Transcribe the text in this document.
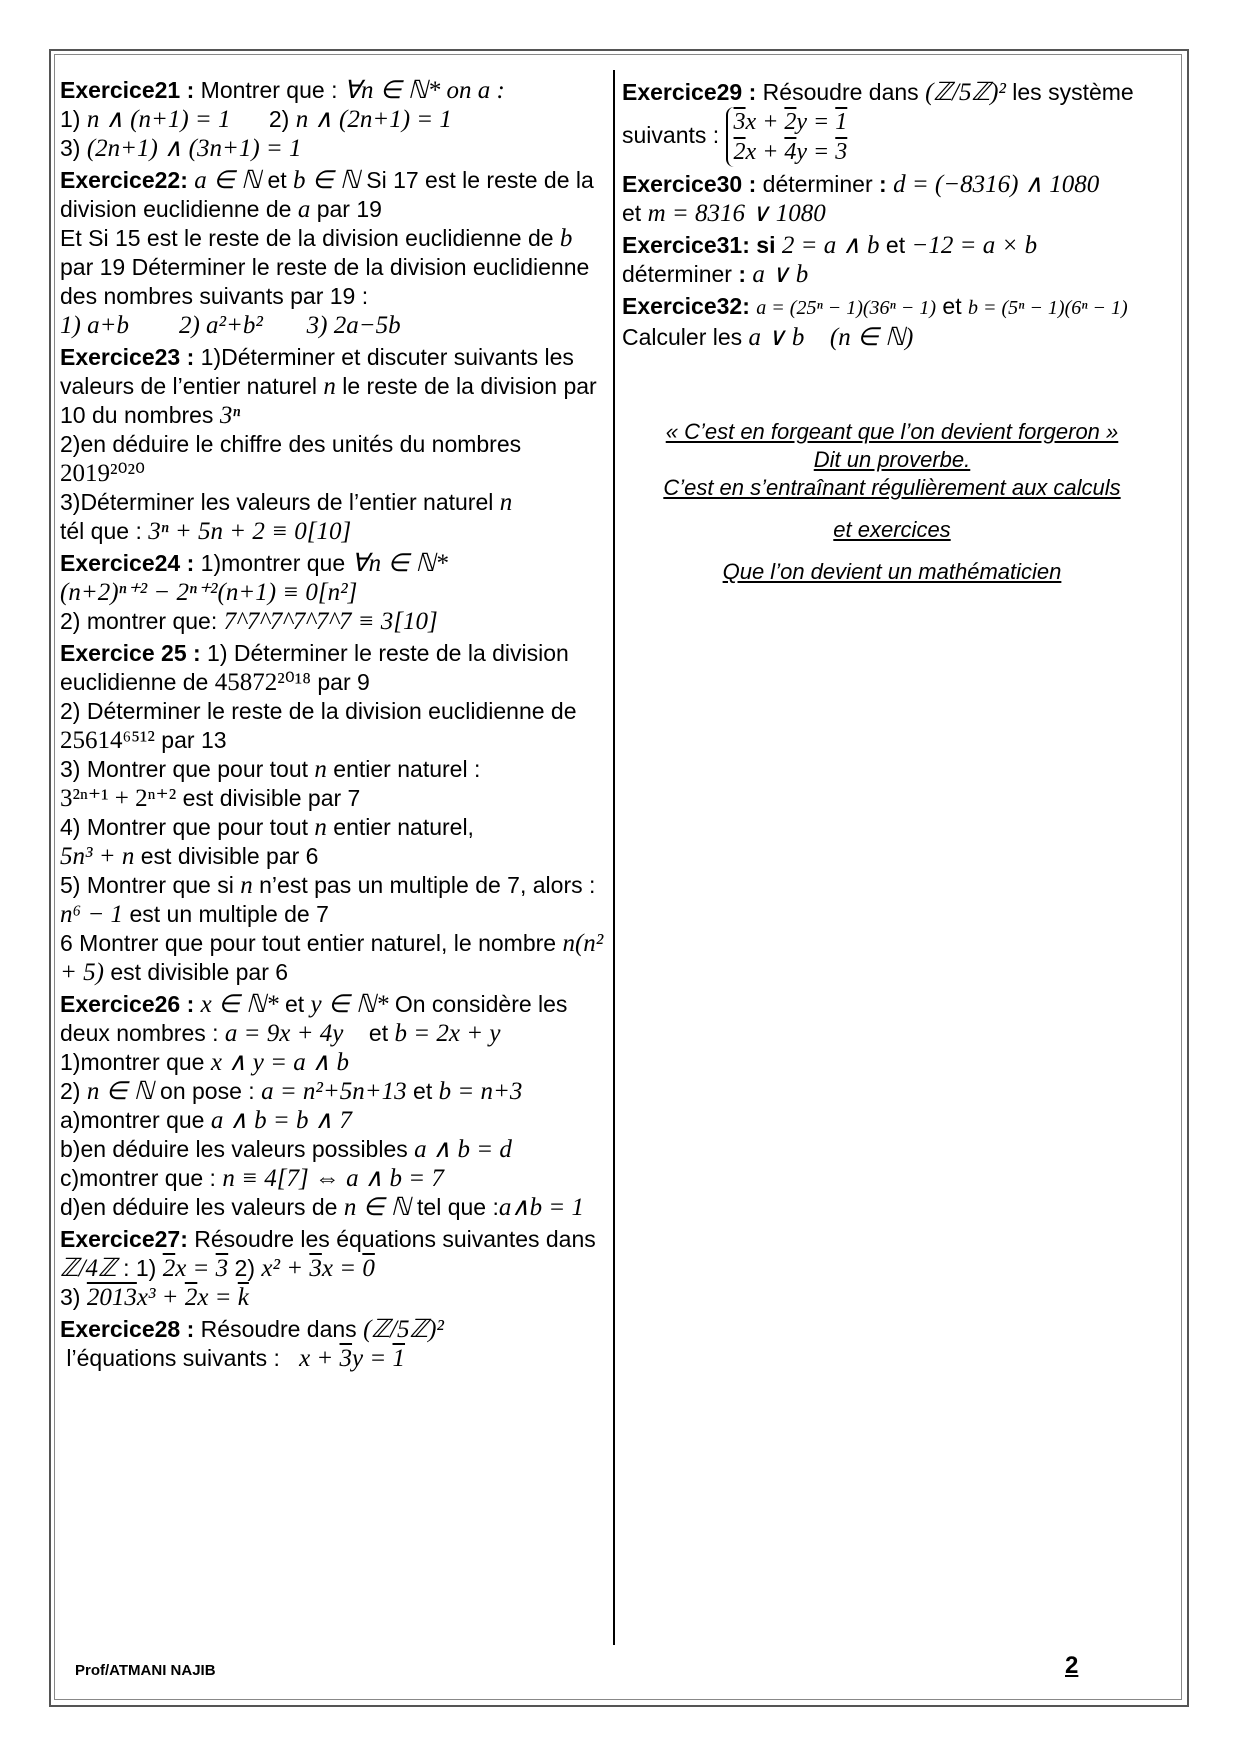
Exercice21 : Montrer que : ∀n ∈ ℕ* on a :
1) n ∧ (n+1) = 1      2) n ∧ (2n+1) = 1
3) (2n+1) ∧ (3n+1) = 1

Exercice22: a ∈ ℕ et b ∈ ℕ Si 17 est le reste de la division euclidienne de a par 19
Et Si 15 est le reste de la division euclidienne de b par 19 Déterminer le reste de la division euclidienne des nombres suivants par 19 :
1) a+b        2) a²+b²       3) 2a−5b

Exercice23 : 1)Déterminer et discuter suivants les valeurs de l’entier naturel n le reste de la division par 10 du nombres 3ⁿ
2)en déduire le chiffre des unités du nombres
2019²⁰²⁰
3)Déterminer les valeurs de l’entier naturel n
tél que : 3ⁿ + 5n + 2 ≡ 0[10]

Exercice24 : 1)montrer que ∀n ∈ ℕ*
(n+2)ⁿ⁺² − 2ⁿ⁺²(n+1) ≡ 0[n²]
2) montrer que: 7^7^7^7^7^7 ≡ 3[10]

Exercice 25 : 1) Déterminer le reste de la division euclidienne de 45872²⁰¹⁸ par 9
2) Déterminer le reste de la division euclidienne de 25614⁶⁵¹² par 13
3) Montrer que pour tout n entier naturel :
3²ⁿ⁺¹ + 2ⁿ⁺² est divisible par 7
4) Montrer que pour tout n entier naturel,
5n³ + n est divisible par 6
5) Montrer que si n n’est pas un multiple de 7, alors : n⁶ − 1 est un multiple de 7
6 Montrer que pour tout entier naturel, le nombre n(n² + 5) est divisible par 6

Exercice26 : x ∈ ℕ* et y ∈ ℕ* On considère les deux nombres : a = 9x + 4y    et b = 2x + y
1)montrer que x ∧ y = a ∧ b
2) n ∈ ℕ on pose : a = n²+5n+13 et b = n+3
a)montrer que a ∧ b = b ∧ 7
b)en déduire les valeurs possibles a ∧ b = d
c)montrer que : n ≡ 4[7] ⇔ a ∧ b = 7
d)en déduire les valeurs de n ∈ ℕ tel que :a∧b = 1

Exercice27: Résoudre les équations suivantes dans ℤ/4ℤ : 1) 2x = 3 2) x² + 3x = 0
3) $2013x^3 + 2x = \overline{k}$

Exercice28 : Résoudre dans (ℤ/5ℤ)² l’équations suivants :   x + 3y = 1

Exercice29 : Résoudre dans (ℤ/5ℤ)² les système suivants : 3x + 2y = 1
2x + 4y = 3

Exercice30 : déterminer : d = (−8316) ∧ 1080
et m = 8316 ∨ 1080

Exercice31: si 2 = a ∧ b et −12 = a × b
déterminer : a ∨ b

Exercice32: a = (25ⁿ − 1)(36ⁿ − 1) et b = (5ⁿ − 1)(6ⁿ − 1)
Calculer les a ∨ b (n ∈ ℕ)

« C’est en forgeant que l’on devient forgeron »
Dit un proverbe.
C’est en s’entraînant régulièrement aux calculs
et exercices
Que l’on devient un mathématicien
Prof/ATMANI NAJIB	2
